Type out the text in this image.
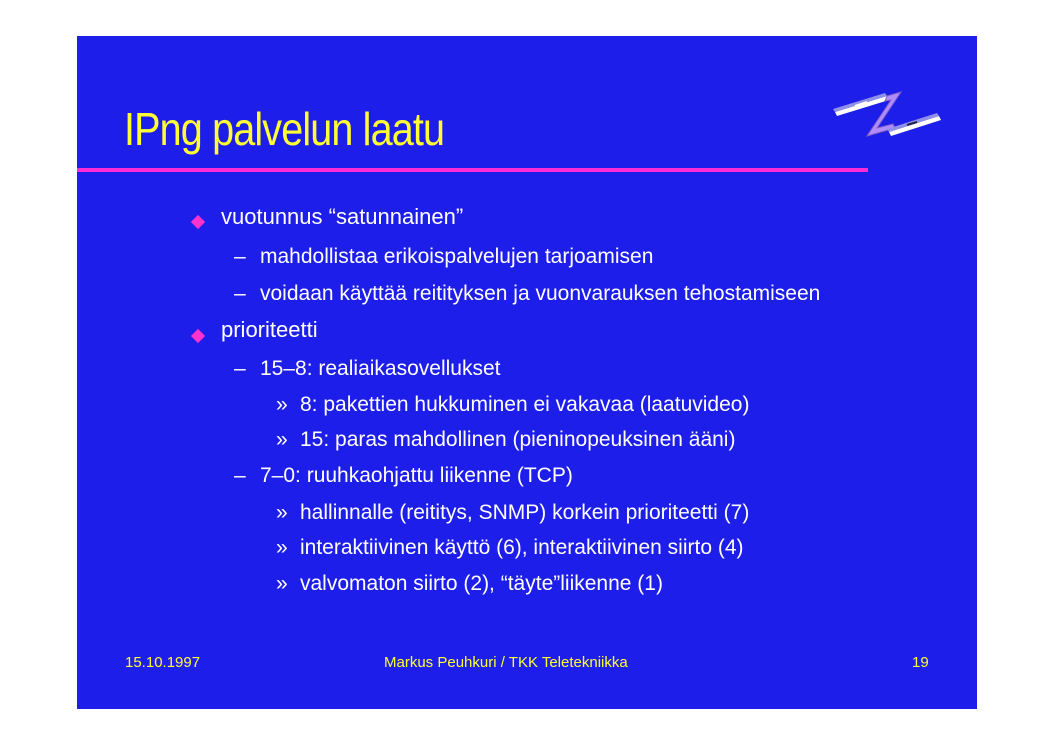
IPng palvelun laatu
vuotunnus “satunnainen”
– mahdollistaa erikoispalvelujen tarjoamisen
– voidaan käyttää reitityksen ja vuonvarauksen tehostamiseen
prioriteetti
– 15–8: realiaikasovellukset
» 8: pakettien hukkuminen ei vakavaa (laatuvideo)
» 15: paras mahdollinen (pieninopeuksinen ääni)
– 7–0: ruuhkaohjattu liikenne (TCP)
» hallinnalle (reititys, SNMP) korkein prioriteetti (7)
» interaktiivinen käyttö (6), interaktiivinen siirto (4)
» valvomaton siirto (2), “täyte”liikenne (1)
15.10.1997	Markus Peuhkuri / TKK Teletekniikka	19
